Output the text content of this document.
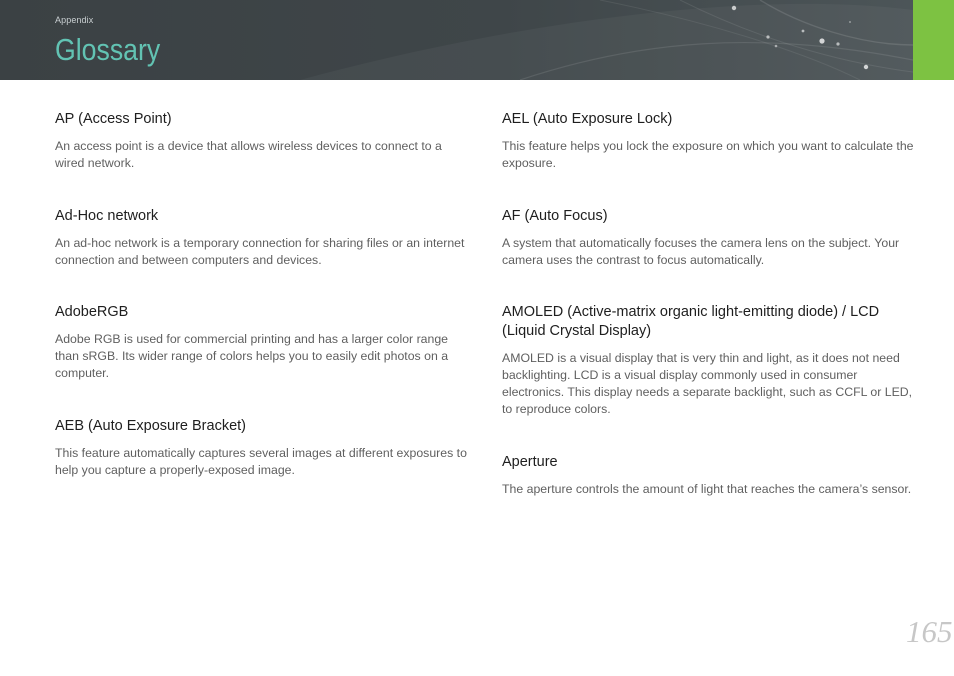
Appendix
Glossary
AP (Access Point)

An access point is a device that allows wireless devices to connect to a wired network.

Ad-Hoc network

An ad-hoc network is a temporary connection for sharing files or an internet connection and between computers and devices.

AdobeRGB

Adobe RGB is used for commercial printing and has a larger color range than sRGB. Its wider range of colors helps you to easily edit photos on a computer.

AEB (Auto Exposure Bracket)

This feature automatically captures several images at different exposures to help you capture a properly-exposed image.

AEL (Auto Exposure Lock)

This feature helps you lock the exposure on which you want to calculate the exposure.

AF (Auto Focus)

A system that automatically focuses the camera lens on the subject. Your camera uses the contrast to focus automatically.

AMOLED (Active-matrix organic light-emitting diode) / LCD (Liquid Crystal Display)

AMOLED is a visual display that is very thin and light, as it does not need backlighting. LCD is a visual display commonly used in consumer electronics. This display needs a separate backlight, such as CCFL or LED, to reproduce colors.

Aperture

The aperture controls the amount of light that reaches the camera’s sensor.

165
